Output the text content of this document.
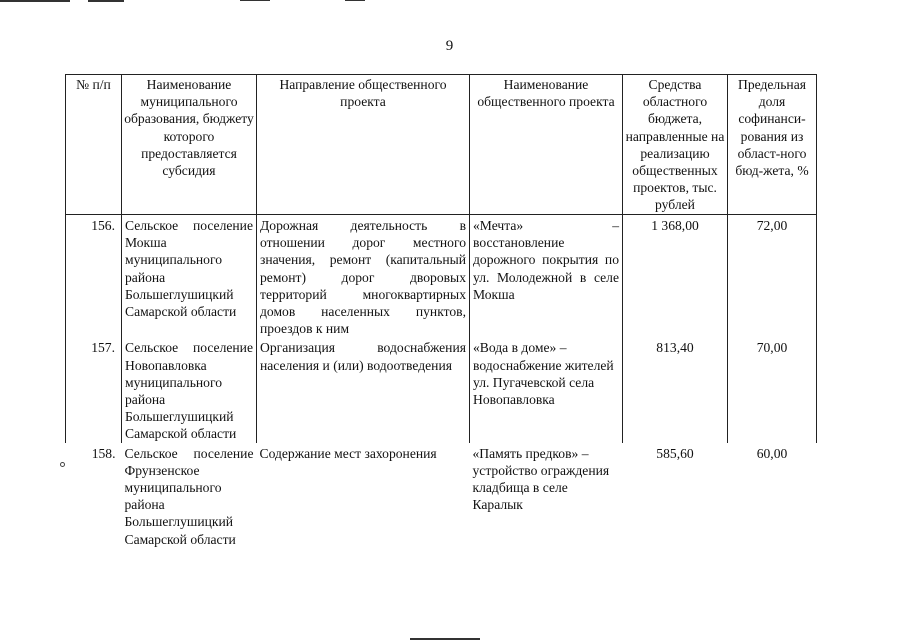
9
№ п/п	Наименование муниципального образования, бюджету которого предоставляется субсидия	Направление общественного проекта	Наименование общественного проекта	Средства областного бюджета, направленные на реализацию общественных проектов, тыс. рублей	Предельная доля софинанси-рования из област-ного бюд-жета, %
156.	Сельское поселение Мокша муниципального района Большеглушицкий Самарской области	Дорожная деятельность в отношении дорог местного значения, ремонт (капитальный ремонт) дорог дворовых территорий многоквартирных домов населенных пунктов, проездов к ним	«Мечта» – восстановление дорожного покрытия по ул. Молодежной в селе Мокша	1 368,00	72,00
157.	Сельское поселение Новопавловка муниципального района Большеглушицкий Самарской области	Организация водоснабжения населения и (или) водоотведения	«Вода в доме» – водоснабжение жителей ул. Пугачевской села Новопавловка	813,40	70,00
158.	Сельское поселение Фрунзенское муниципального района Большеглушицкий Самарской области	Содержание мест захоронения	«Память предков» – устройство ограждения кладбища в селе Каралык	585,60	60,00
